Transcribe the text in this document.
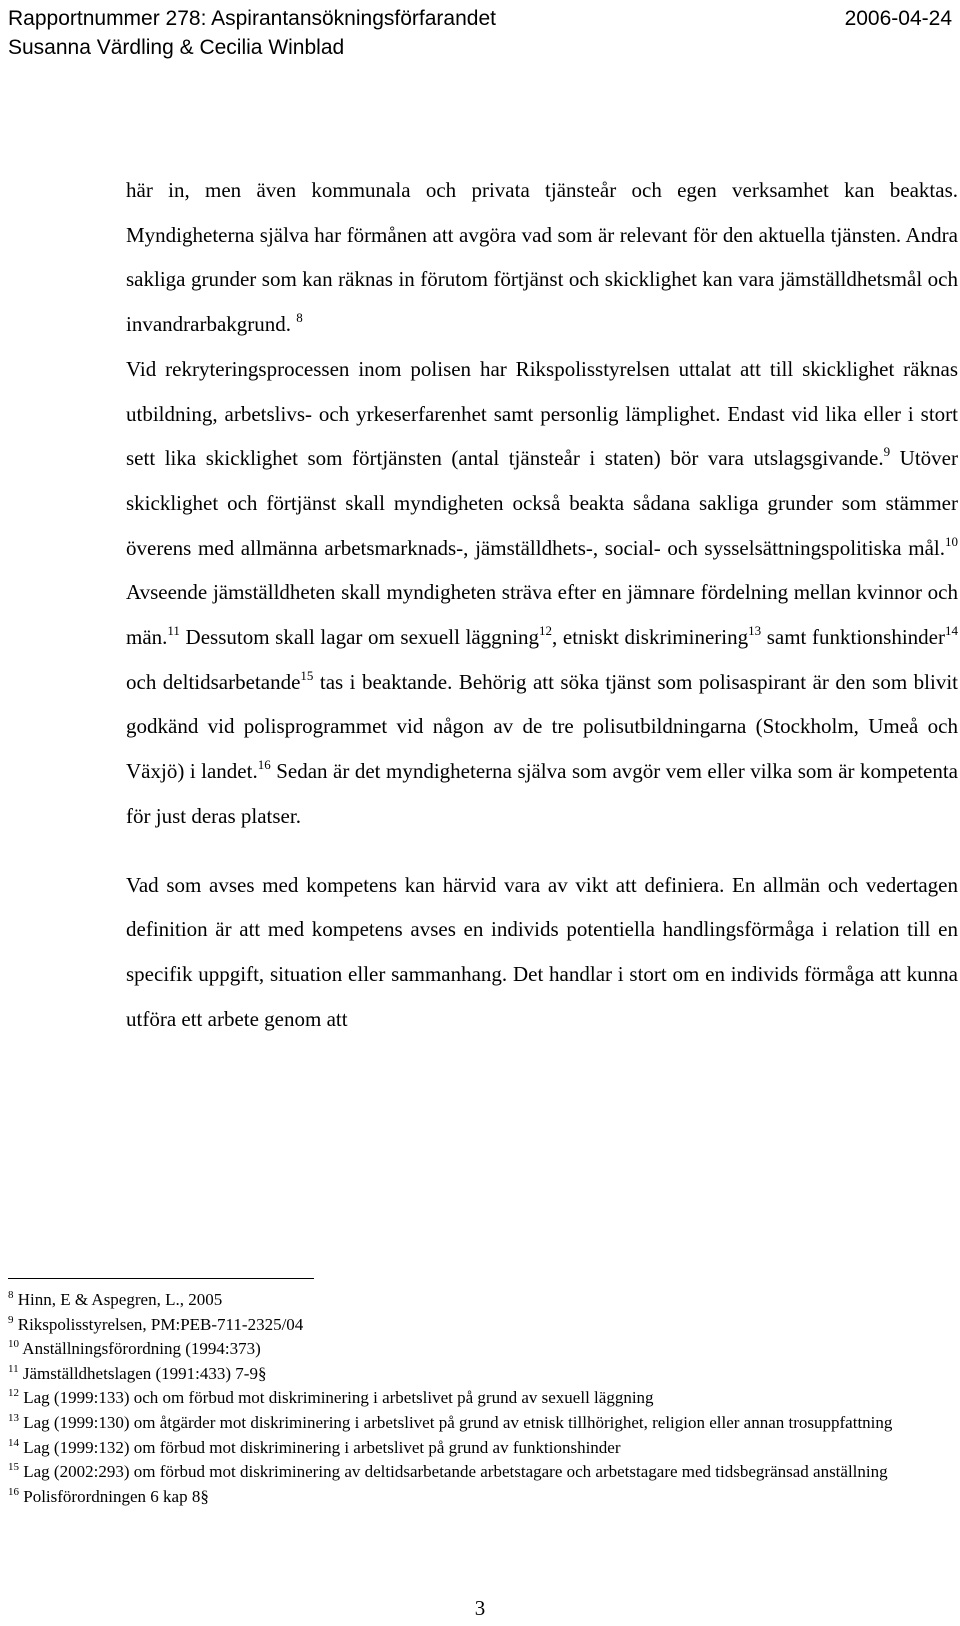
Rapportnummer 278: Aspirantansökningsförfarandet	2006-04-24
Susanna Värdling & Cecilia Winblad

här in, men även kommunala och privata tjänsteår och egen verksamhet kan beaktas. Myndigheterna själva har förmånen att avgöra vad som är relevant för den aktuella tjänsten. Andra sakliga grunder som kan räknas in förutom förtjänst och skicklighet kan vara jämställdhetsmål och invandrarbakgrund. $^8$

Vid rekryteringsprocessen inom polisen har Rikspolisstyrelsen uttalat att till skicklighet räknas utbildning, arbetslivs- och yrkeserfarenhet samt personlig lämplighet. Endast vid lika eller i stort sett lika skicklighet som förtjänsten (antal tjänsteår i staten) bör vara utslagsgivande.$^9$ Utöver skicklighet och förtjänst skall myndigheten också beakta sådana sakliga grunder som stämmer överens med allmänna arbetsmarknads-, jämställdhets-, social- och sysselsättningspolitiska mål.$^{10}$ Avseende jämställdheten skall myndigheten sträva efter en jämnare fördelning mellan kvinnor och män.$^{11}$ Dessutom skall lagar om sexuell läggning$^{12}$, etniskt diskriminering$^{13}$ samt funktionshinder$^{14}$ och deltidsarbetande$^{15}$ tas i beaktande. Behörig att söka tjänst som polisaspirant är den som blivit godkänd vid polisprogrammet vid någon av de tre polisutbildningarna (Stockholm, Umeå och Växjö) i landet.$^{16}$ Sedan är det myndigheterna själva som avgör vem eller vilka som är kompetenta för just deras platser.

Vad som avses med kompetens kan härvid vara av vikt att definiera. En allmän och vedertagen definition är att med kompetens avses en individs potentiella handlingsförmåga i relation till en specifik uppgift, situation eller sammanhang. Det handlar i stort om en individs förmåga att kunna utföra ett arbete genom att

$^8$ Hinn, E & Aspegren, L., 2005

$^9$ Rikspolisstyrelsen, PM:PEB-711-2325/04

$^{10}$ Anställningsförordning (1994:373)

$^{11}$ Jämställdhetslagen (1991:433) 7-9§

$^{12}$ Lag (1999:133) och om förbud mot diskriminering i arbetslivet på grund av sexuell läggning

$^{13}$ Lag (1999:130) om åtgärder mot diskriminering i arbetslivet på grund av etnisk tillhörighet, religion eller annan trosuppfattning

$^{14}$ Lag (1999:132) om förbud mot diskriminering i arbetslivet på grund av funktionshinder

$^{15}$ Lag (2002:293) om förbud mot diskriminering av deltidsarbetande arbetstagare och arbetstagare med tidsbegränsad anställning

$^{16}$ Polisförordningen 6 kap 8§

3
